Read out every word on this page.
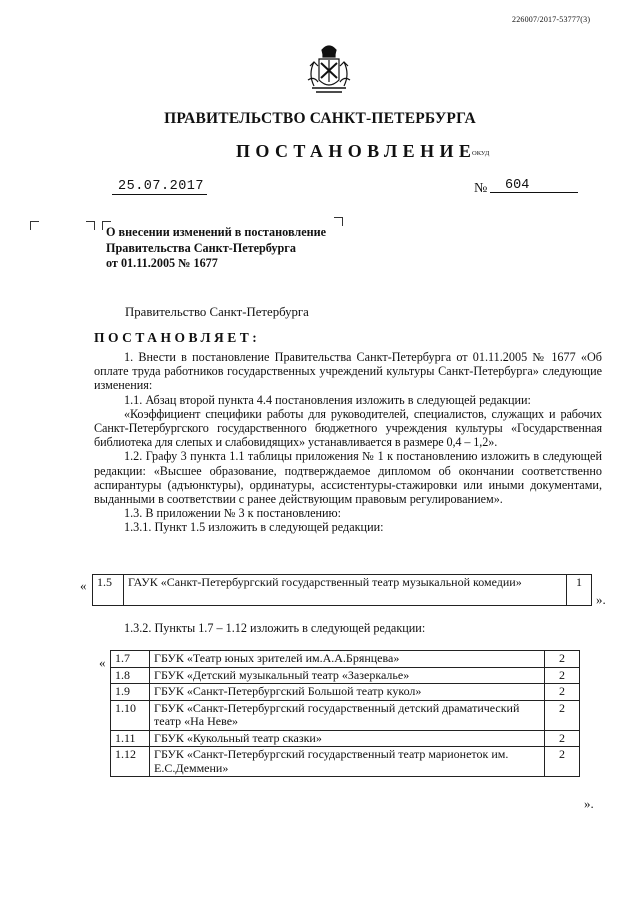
226007/2017-53777(3)
ПРАВИТЕЛЬСТВО САНКТ-ПЕТЕРБУРГА
ПОСТАНОВЛЕНИЕ
ОКУД
25.07.2017	№ 604
О внесении изменений в постановление
Правительства Санкт-Петербурга
от 01.11.2005 № 1677
Правительство Санкт-Петербурга
ПОСТАНОВЛЯЕТ:

1. Внести в постановление Правительства Санкт-Петербурга от 01.11.2005 № 1677 «Об оплате труда работников государственных учреждений культуры Санкт-Петербурга» следующие изменения:

1.1. Абзац второй пункта 4.4 постановления изложить в следующей редакции:

«Коэффициент специфики работы для руководителей, специалистов, служащих и рабочих Санкт-Петербургского государственного бюджетного учреждения культуры «Государственная библиотека для слепых и слабовидящих» устанавливается в размере 0,4 – 1,2».

1.2. Графу 3 пункта 1.1 таблицы приложения № 1 к постановлению изложить в следующей редакции: «Высшее образование, подтверждаемое дипломом об окончании соответственно аспирантуры (адъюнктуры), ординатуры, ассистентуры-стажировки или иными документами, выданными в соответствии с ранее действующим правовым регулированием».

1.3. В приложении № 3 к постановлению:

1.3.1. Пункт 1.5 изложить в следующей редакции:

1.3.2. Пункты 1.7 – 1.12 изложить в следующей редакции:

« 1.5	ГАУК «Санкт-Петербургский государственный театр музыкальной комедии»	1
».
« 1.7	ГБУК «Театр юных зрителей им.А.А.Брянцева»	2
1.8	ГБУК «Детский музыкальный театр «Зазеркалье»	2
1.9	ГБУК «Санкт-Петербургский Большой театр кукол»	2
1.10	ГБУК «Санкт-Петербургский государственный детский драматический театр «На Неве»	2
1.11	ГБУК «Кукольный театр сказки»	2
1.12	ГБУК «Санкт-Петербургский государственный театр марионеток им. Е.С.Деммени»	2
».
